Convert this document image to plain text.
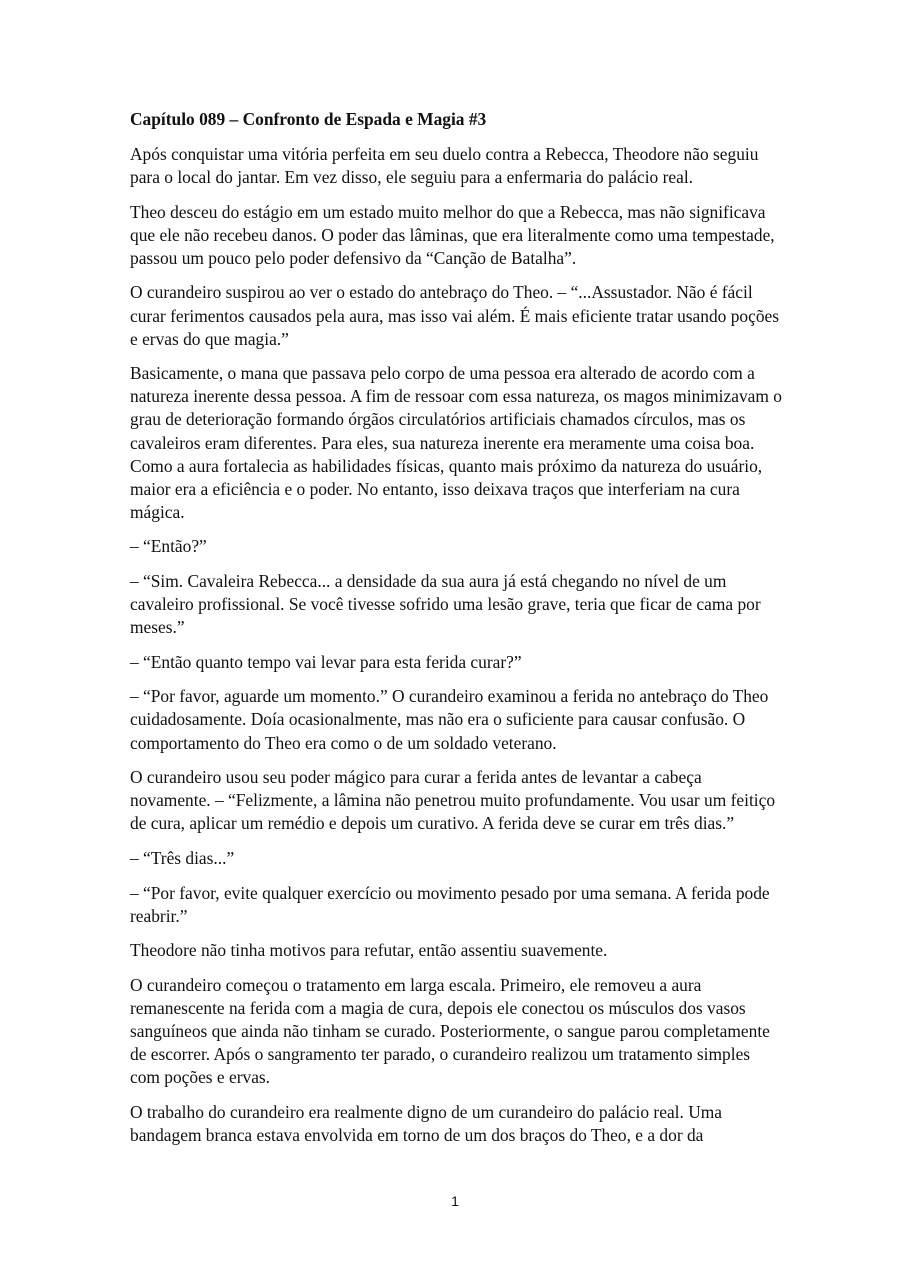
Capítulo 089 – Confronto de Espada e Magia #3

Após conquistar uma vitória perfeita em seu duelo contra a Rebecca, Theodore não seguiu para o local do jantar. Em vez disso, ele seguiu para a enfermaria do palácio real.

Theo desceu do estágio em um estado muito melhor do que a Rebecca, mas não significava que ele não recebeu danos. O poder das lâminas, que era literalmente como uma tempestade, passou um pouco pelo poder defensivo da “Canção de Batalha”.

O curandeiro suspirou ao ver o estado do antebraço do Theo. – “...Assustador. Não é fácil curar ferimentos causados pela aura, mas isso vai além. É mais eficiente tratar usando poções e ervas do que magia.”

Basicamente, o mana que passava pelo corpo de uma pessoa era alterado de acordo com a natureza inerente dessa pessoa. A fim de ressoar com essa natureza, os magos minimizavam o grau de deterioração formando órgãos circulatórios artificiais chamados círculos, mas os cavaleiros eram diferentes. Para eles, sua natureza inerente era meramente uma coisa boa. Como a aura fortalecia as habilidades físicas, quanto mais próximo da natureza do usuário, maior era a eficiência e o poder. No entanto, isso deixava traços que interferiam na cura mágica.

– “Então?”

– “Sim. Cavaleira Rebecca... a densidade da sua aura já está chegando no nível de um cavaleiro profissional. Se você tivesse sofrido uma lesão grave, teria que ficar de cama por meses.”

– “Então quanto tempo vai levar para esta ferida curar?”

– “Por favor, aguarde um momento.” O curandeiro examinou a ferida no antebraço do Theo cuidadosamente. Doía ocasionalmente, mas não era o suficiente para causar confusão. O comportamento do Theo era como o de um soldado veterano.

O curandeiro usou seu poder mágico para curar a ferida antes de levantar a cabeça novamente. – “Felizmente, a lâmina não penetrou muito profundamente. Vou usar um feitiço de cura, aplicar um remédio e depois um curativo. A ferida deve se curar em três dias.”

– “Três dias...”

– “Por favor, evite qualquer exercício ou movimento pesado por uma semana. A ferida pode reabrir.”

Theodore não tinha motivos para refutar, então assentiu suavemente.

O curandeiro começou o tratamento em larga escala. Primeiro, ele removeu a aura remanescente na ferida com a magia de cura, depois ele conectou os músculos dos vasos sanguíneos que ainda não tinham se curado. Posteriormente, o sangue parou completamente de escorrer. Após o sangramento ter parado, o curandeiro realizou um tratamento simples com poções e ervas.

O trabalho do curandeiro era realmente digno de um curandeiro do palácio real. Uma bandagem branca estava envolvida em torno de um dos braços do Theo, e a dor da

1
